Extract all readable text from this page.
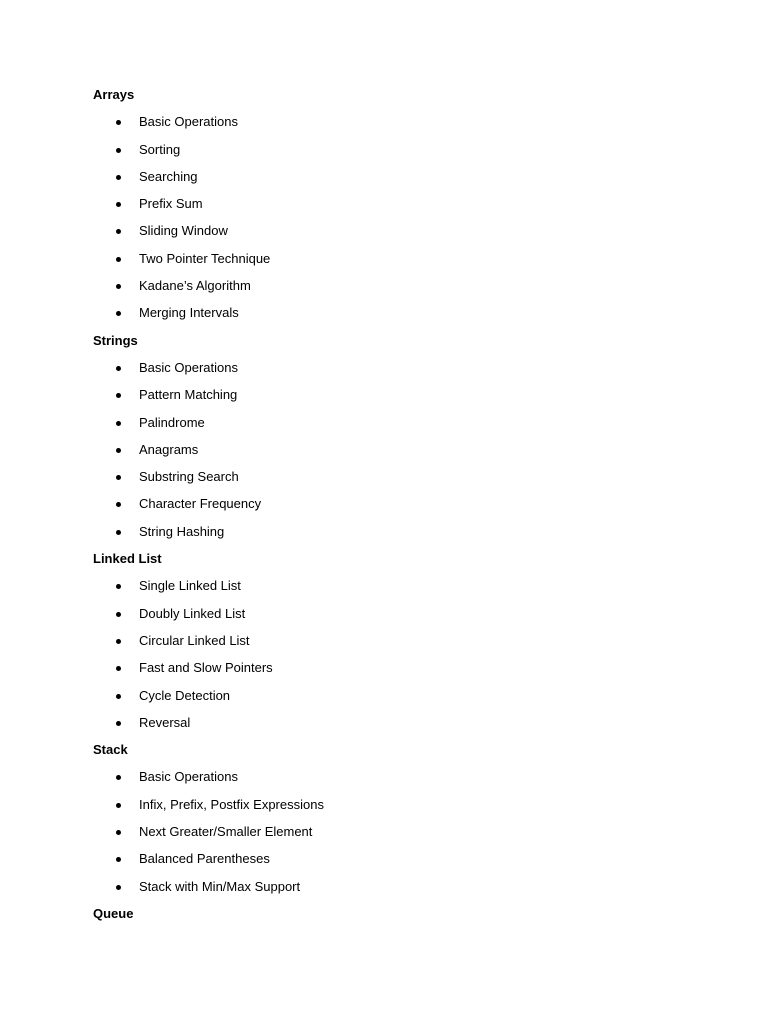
Arrays
Basic Operations
Sorting
Searching
Prefix Sum
Sliding Window
Two Pointer Technique
Kadane’s Algorithm
Merging Intervals
Strings
Basic Operations
Pattern Matching
Palindrome
Anagrams
Substring Search
Character Frequency
String Hashing
Linked List
Single Linked List
Doubly Linked List
Circular Linked List
Fast and Slow Pointers
Cycle Detection
Reversal
Stack
Basic Operations
Infix, Prefix, Postfix Expressions
Next Greater/Smaller Element
Balanced Parentheses
Stack with Min/Max Support
Queue
